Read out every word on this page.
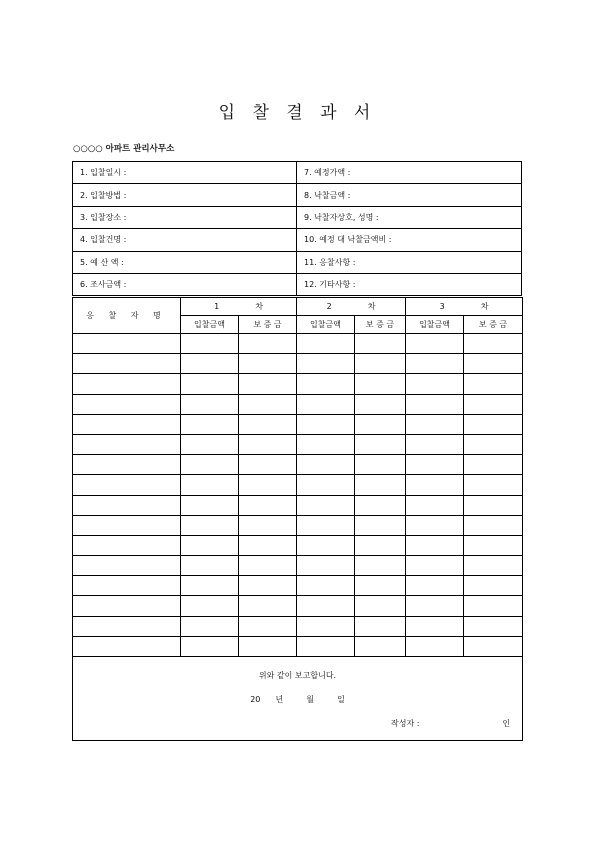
입 찰 결 과 서
○○○○ 아파트 관리사무소
1. 입찰일시 :	7. 예정가액 :
2. 입찰방법 :	8. 낙찰금액 :
3. 입찰장소 :	9. 낙찰자상호, 성명 :
4. 입찰건명 :	10. 예정 대 낙찰금액비 :
5. 예 산 액 :	11. 응찰사항 :
6. 조사금액 :	12. 기타사항 :
응 찰 자 명	1 차		2 차		3 차	
	입찰금액	보 증 금	입찰금액	보 증 금	입찰금액	보 증 금

위와 같이 보고합니다.
20 년 월 일
작성자 : 인						
